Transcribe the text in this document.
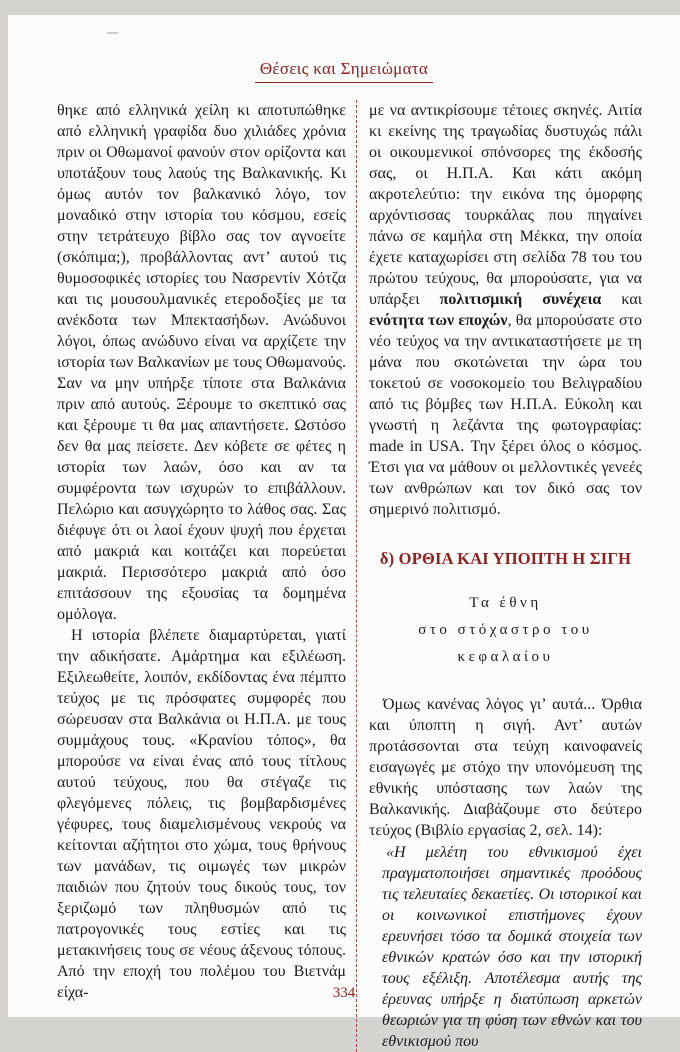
Θέσεις και Σημειώματα

θηκε από ελληνικά χείλη κι αποτυπώθηκε από ελληνική γραφίδα δυο χιλιάδες χρόνια πριν οι Οθωμανοί φανούν στον ορίζοντα και υποτάξουν τους λαούς της Βαλκανικής. Κι όμως αυτόν τον βαλκανικό λόγο, τον μοναδικό στην ιστορία του κόσμου, εσείς στην τετράτευχο βίβλο σας τον αγνοείτε (σκόπιμα;), προβάλλοντας αντ’ αυτού τις θυμοσοφικές ιστορίες του Νασρεντίν Χότζα και τις μουσουλμανικές ετεροδοξίες με τα ανέκδοτα των Μπεκτασήδων. Ανώδυνοι λόγοι, όπως ανώδυνο είναι να αρχίζετε την ιστορία των Βαλκανίων με τους Οθωμανούς. Σαν να μην υπήρξε τίποτε στα Βαλκάνια πριν από αυτούς. Ξέρουμε το σκεπτικό σας και ξέρουμε τι θα μας απαντήσετε. Ωστόσο δεν θα μας πείσετε. Δεν κόβετε σε φέτες η ιστορία των λαών, όσο και αν τα συμφέροντα των ισχυρών το επιβάλλουν. Πελώριο και ασυγχώρητο το λάθος σας. Σας διέφυγε ότι οι λαοί έχουν ψυχή που έρχεται από μακριά και κοιτάζει και πορεύεται μακριά. Περισσότερο μακριά από όσο επιτάσσουν της εξουσίας τα δομημένα ομόλογα.

Η ιστορία βλέπετε διαμαρτύρεται, γιατί την αδικήσατε. Αμάρτημα και εξιλέωση. Εξιλεωθείτε, λοιπόν, εκδίδοντας ένα πέμπτο τεύχος με τις πρόσφατες συμφορές που σώρευσαν στα Βαλκάνια οι Η.Π.Α. με τους συμμάχους τους. «Κρανίου τόπος», θα μπορούσε να είναι ένας από τους τίτλους αυτού τεύχους, που θα στέγαζε τις φλεγόμενες πόλεις, τις βομβαρδισμένες γέφυρες, τους διαμελισμένους νεκρούς να κείτονται αζήτητοι στο χώμα, τους θρήνους των μανάδων, τις οιμωγές των μικρών παιδιών που ζητούν τους δικούς τους, τον ξεριζωμό των πληθυσμών από τις πατρογονικές τους εστίες και τις μετακινήσεις τους σε νέους άξενους τόπους. Από την εποχή του πολέμου του Βιετνάμ είχα-

με να αντικρίσουμε τέτοιες σκηνές. Αιτία κι εκείνης της τραγωδίας δυστυχώς πάλι οι οικουμενικοί σπόνσορες της έκδοσής σας, οι Η.Π.Α. Και κάτι ακόμη ακροτελεύτιο: την εικόνα της όμορφης αρχόντισσας τουρκάλας που πηγαίνει πάνω σε καμήλα στη Μέκκα, την οποία έχετε καταχωρίσει στη σελίδα 78 του του πρώτου τεύχους, θα μπορούσατε, για να υπάρξει πολιτισμική συνέχεια και ενότητα των εποχών, θα μπορούσατε στο νέο τεύχος να την αντικαταστήσετε με τη μάνα που σκοτώνεται την ώρα του τοκετού σε νοσοκομείο του Βελιγραδίου από τις βόμβες των Η.Π.Α. Εύκολη και γνωστή η λεζάντα της φωτογραφίας: made in USA. Την ξέρει όλος ο κόσμος. Έτσι για να μάθουν οι μελλοντικές γενεές των ανθρώπων και τον δικό σας τον σημερινό πολιτισμό.

δ) ΟΡΘΙΑ ΚΑΙ ΥΠΟΠΤΗ Η ΣΙΓΗ
Τα έθνη
στο στόχαστρο του κεφαλαίου

Όμως κανένας λόγος γι’ αυτά... Όρθια και ύποπτη η σιγή. Αντ’ αυτών προτάσσονται στα τεύχη καινοφανείς εισαγωγές με στόχο την υπονόμευση της εθνικής υπόστασης των λαών της Βαλκανικής. Διαβάζουμε στο δεύτερο τεύχος (Βιβλίο εργασίας 2, σελ. 14):

«Η μελέτη του εθνικισμού έχει πραγματοποιήσει σημαντικές προόδους τις τελευταίες δεκαετίες. Οι ιστορικοί και οι κοινωνικοί επιστήμονες έχουν ερευνήσει τόσο τα δομικά στοιχεία των εθνικών κρατών όσο και την ιστορική τους εξέλιξη. Αποτέλεσμα αυτής της έρευνας υπήρξε η διατύπωση αρκετών θεωριών για τη φύση των εθνών και του εθνικισμού που

334
